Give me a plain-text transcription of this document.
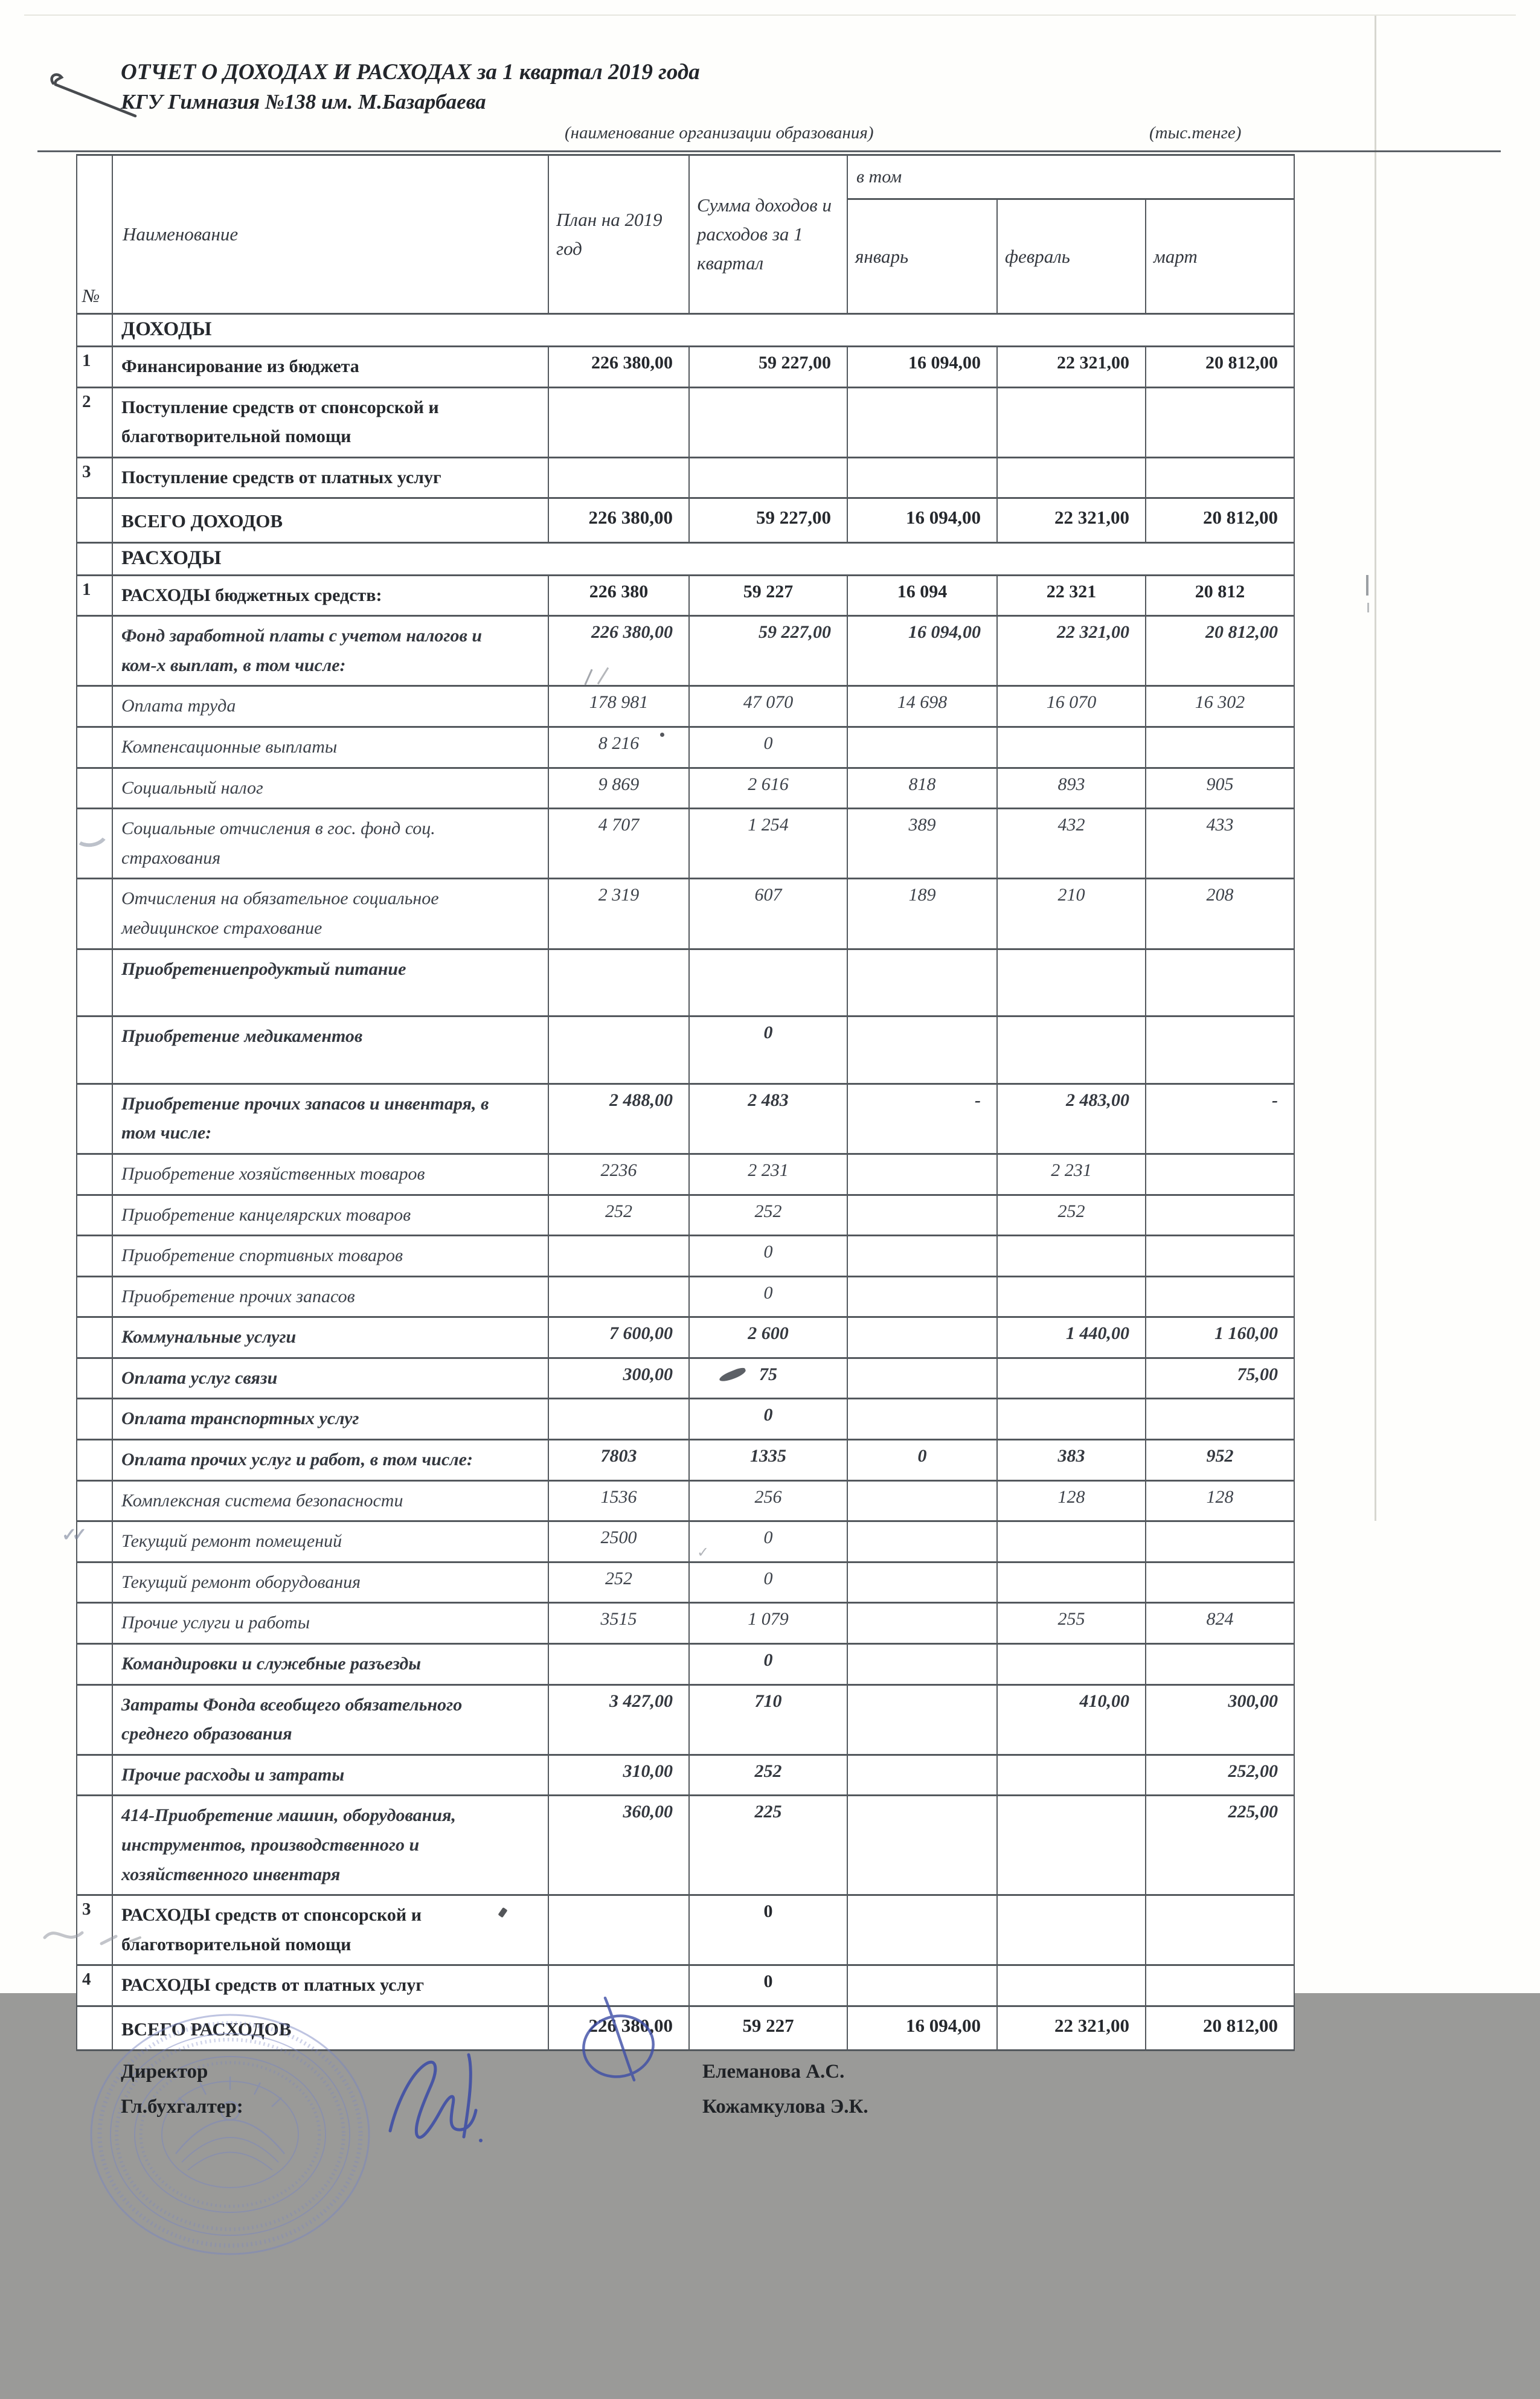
ОТЧЕТ О ДОХОДАХ И РАСХОДАХ за 1 квартал 2019 года
КГУ Гимназия №138 им. М.Базарбаева
(наименование организации образования)	(тыс.тенге)
№	Наименование	План на 2019 год	Сумма доходов и расходов за 1 квартал	в том		
				январь	февраль	март
	ДОХОДЫ					
1	Финансирование из бюджета	226 380,00	59 227,00	16 094,00	22 321,00	20 812,00
2	Поступление средств от спонсорской и благотворительной помощи					
3	Поступление средств от платных услуг					
	ВСЕГО ДОХОДОВ	226 380,00	59 227,00	16 094,00	22 321,00	20 812,00
	РАСХОДЫ					
1	РАСХОДЫ бюджетных средств:	226 380	59 227	16 094	22 321	20 812
	Фонд заработной платы с учетом налогов и ком-х выплат, в том числе:	226 380,00	59 227,00	16 094,00	22 321,00	20 812,00
	Оплата труда	178 981	47 070	14 698	16 070	16 302
	Компенсационные выплаты	8 216	0			
	Социальный налог	9 869	2 616	818	893	905
	Социальные отчисления в гос. фонд соц. страхования	4 707	1 254	389	432	433
	Отчисления на обязательное социальное медицинское страхование	2 319	607	189	210	208
	Приобретениепродуктый питание					
	Приобретение медикаментов		0			
	Приобретение прочих запасов и инвентаря, в том числе:	2 488,00	2 483	-	2 483,00	-
	Приобретение хозяйственных товаров	2236	2 231		2 231	
	Приобретение канцелярских товаров	252	252		252	
	Приобретение спортивных товаров		0			
	Приобретение прочих запасов		0			
	Коммунальные услуги	7 600,00	2 600		1 440,00	1 160,00
	Оплата услуг связи	300,00	75			75,00
	Оплата транспортных услуг		0			
	Оплата прочих услуг и работ, в том числе:	7803	1335	0	383	952
	Комплексная система безопасности	1536	256		128	128
✓✓	Текущий ремонт помещений	2500	✓ 0			
	Текущий ремонт оборудования	252	0			
	Прочие услуги и работы	3515	1 079		255	824
	Командировки и служебные разъезды		0			
	Затраты Фонда всеобщего обязательного среднего образования	3 427,00	710		410,00	300,00
	Прочие расходы и затраты	310,00	252			252,00
	414-Приобретение машин, оборудования, инструментов, производственного и хозяйственного инвентаря	360,00	225			225,00
3	РАСХОДЫ средств от спонсорской и благотворительной помощи		0			
4	РАСХОДЫ средств от платных услуг		0			
	ВСЕГО РАСХОДОВ	226 380,00	59 227	16 094,00	22 321,00	20 812,00
Директор	Елеманова А.С.
Гл.бухгалтер:	Кожамкулова Э.К.
